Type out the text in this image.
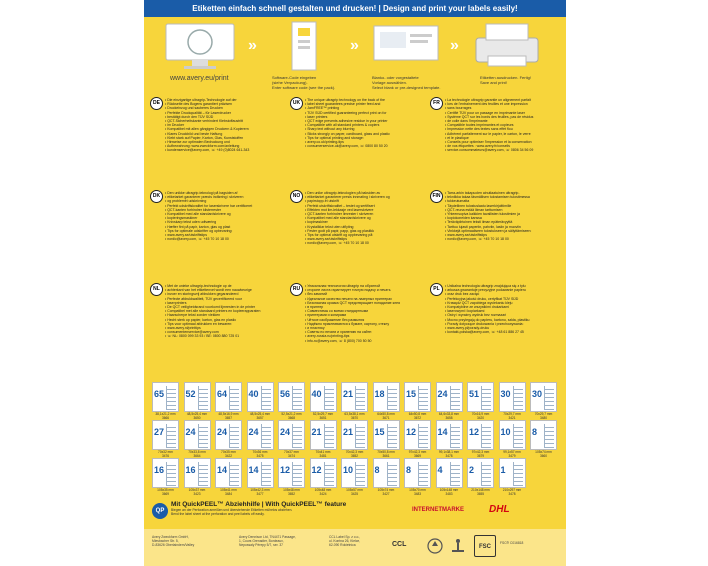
Etiketten einfach schnell gestalten und drucken! | Design and print your labels easily!
www.avery.eu/print
»
Software-Code eingeben
(siehe Verpackung).
Enter software code (see the pack).
»
Blanko- oder vorgestaltete
Vorlage auswählen.
Select blank or pre-designed template.
»
Etiketten ausdrucken. Fertig!
Save and print!
DE	• Die einzigartige ultragrip-Technologie auf der
• Rückseite des Bogens garantiert präzisen
• Druckeinzug und sauberes Drucken
• Perfekte Druckqualität – für Laserdrucker
• bestätigt durch den TÜV SÜD
• QCT-Sicherheitskante verhindert Klebstoffaustritt
• im Drucker
• Kompatibel mit allen gängigen Druckern & Kopierern
• Klares Druckbild und beste Haftung
• Klebt stark auf Papier, Karton, Glas, Kunststoffen
• Hinweise zur optimalen Bedruckung und
• Aufbewahrung: www.zweckform.com/anleitung
• kundenservice@avery.com, ☏ +49 (0)8024 641-343
UK	• The unique ultragrip technology on the back of the
• label sheet guarantees precise printer feed and
• JamFREE™ printing
• TÜV SÜD certified guaranteeing perfect print on for
• laser printers
• QCT edge prevents adhesive residue in your printer
• Compatible with all standard printers & copiers
• Sharp text without any blurring
• Sticks strongly on paper, cardboard, glass and plastic
• Tips for optimal printing and storage:
• avery.co.uk/printing-tips
• consumerservice-uk@avery.com, ☏ 0800 80 50 20
FR	• La technologie ultragrip garantie un alignement parfait
• lors de l'entrainement des feuilles et une impression
• sans bourrages
• Certifié TÜV pour un passage en imprimante laser
• Système QCT sur les bords des feuilles, pas de résidus
• de colle dans l'imprimante
• Compatible toutes imprimantes et copieurs
• Impression nette des textes sans effet flou
• Adhèrent parfaitement sur le papier, le carton, le verre
• et le plastique
• Conseils pour optimiser l'impression et la conservation
• de vos étiquettes : www.avery.fr/conseils
• service.consommateurs@avery.com, ☏ 0806 34 56 09
DK	• Den unikke ultragrip-teknologi på bagsiden af
• etiketarket garanterer præcis indføring i skriveren
• og problemfri udskrivning
• Perfekt udskriftskvalitet for laserskrivere har certificeret
• QCT-kanten forhindrer klisterrester
• Kompatibel med alle standardskrivere og
• kopieringsmaskiner
• Knivskarp tekst uden udtværing
• Hæfter fint på papir, karton, glas og plast
• Tips for optimale udskrifter og opbevaring:
• www.avery.se/utskriftstips
• nordic@avery.com, ☏ +45 70 10 18 00
NO	• Den unike ultragrip-teknologien på baksiden av
• etikettarket garanterer presis innmating i skriveren og
• papirstopp-fri utskrift
• Perfekt utskriftskvalitet – testet og sertifisert
• Effekten mot lim-lekkasje ved laserskrivere
• QCT-kanten forhindrer limrester i skriveren
• Kompatibel med alle standardskrivere og
• kopimaskiner
• Krystallklar tekst uten utflyting
• Fester godt på papir, papp, glas og plastikk
• Tips for optimal utskrift og oppbevaring på:
• www.avery.se/utskriftstips
• nordic@avery.com, ☏ +45 70 10 18 00
FIN	• Tarra-arkin takapuolen ainutlaatuinen ultragrip-
• tekniikka takaa täsmällisen tulostamisen tulostimessa
• tukkeutumatta
• Täydellinen tulostuslaatu laserkirjoittimille
• QCT-reuna estää liiman tarttumisen
• Yhteensopiva kaikkien tavallisten tulostimien ja
• kopiokoneiden kanssa
• Teräväpiirtoinen teksti ilman epäterävyyttä
• Tarttuu lujasti paperiin, pahviin, lasiin ja muoviin
• Vinkkejä optimaaliseen tulostukseen ja säilyttämiseen:
• www.avery.se/utskriftstips
• nordic@avery.com, ☏ +45 70 10 18 00
NL	• Met de unieke ultragrip-technologie op de
• achterkant van het etikettenvel wordt een nauwkeurige
• invoer en storingsvrij afdrukken gegarandeerd
• Perfecte afdrukkwaliteit, TÜV gecertificeerd voor
• laserprinters
• De QCT veiligheidsrand voorkomt lijmresten in de printer
• Compatibel met alle standaard printers en kopieerapparaten
• Haarscherpe tekst zonder vlekken
• Hecht sterk op papier, karton, glas en plastic
• Tips voor optimaal afdrukken en bewaren:
• www.avery.nl/printtips
• consumentenservice@avery.com
• ☏ NL: 0800 099 33 93 / BE: 0800 880 725 01
RU	• Уникальная технология ultragrip на обратной
• стороне листа гарантирует точную подачу и печать
• без замятий
• Идеальное качество печати на лазерных принтерах
• Безопасная кромка QCT предотвращает попадание клея
• в принтер
• Совместимы со всеми стандартными
• принтерами и копирами
• Чёткое изображение без размытия
• Надёжно приклеиваются к бумаге, картону, стеклу
• и пластику
• Советы по печати и хранению на сайте:
• avery-russia.ru/printing-tips
• info-ru@avery.com, ☏ 8 (800) 700 50 50
PL	• Unikalna technologia ultragrip znajdująca się z tyłu
• arkusza gwarantuje precyzyjne podawanie papieru
• oraz druk bez zacięć
• Perfekcyjna jakość druku, certyfikat TÜV SÜD
• Krawędź QCT zapobiega wyciekaniu kleju
• Kompatybilne ze wszystkimi drukarkami
• laserowymi i kopiarkami
• Ostry i wyraźny wydruk bez rozmazań
• Mocno przylegają do papieru, kartonu, szkła, plastiku
• Porady dotyczące drukowania i przechowywania:
• www.avery.pl/porady-druku
• kontakt-polska@avery.com, ☏ +48 61 886 27 45
65
38,1x21,2 mm
3666
52
48,5x25,4 mm
3650
64
48,5x16,9 mm
3657
40
48,5x25,4 mm
3657
56
52,5x21,2 mm
3668
40
52,5x29,7 mm
3651
21
63,5x38,1 mm
3670
18
64x50,8 mm
3671
15
64x50,8 mm
3672
24
64,6x33,8 mm
3658
51
70x16,9 mm
3420
30
70x29,7 mm
3421
30
70x29,7 mm
3480
27
70x32 mm
3476
24
70x33,8 mm
3664
24
70x35 mm
3422
24
70x36 mm
3475
24
70x37 mm
3474
21
70x41 mm
3481
21
70x42,3 mm
3652
15
70x50,8 mm
3661
12
97x42,3 mm
3669
14
99,1x38,1 mm
3478
12
97x42,3 mm
3679
10
99,1x57 mm
3479
8
105x74 mm
3660
16
105x35 mm
3669
16
105x37 mm
3423
14
105x41 mm
3484
14
105x42,3 mm
3477
12
105x48 mm
3652
12
105x48 mm
3424
10
105x57 mm
3425
8
105x74 mm
3427
8
105x70 mm
3483
4
105x148 mm
3483
2
210x148 mm
3655
1
210x297 mm
3478
QP
Mit QuickPEEL™ Abziehhilfe | With QuickPEEL™ feature
Biegen an der Perforation anreißen und überstehende Etiketten mühelos abziehen.
Bend the label sheet at the perforation and peel labels off easily.
INTERNETMARKE	DHL
Avery Zweckform GmbH,
Miesbacher Str. 5,
D-83626 Oberlaindern/Valley
Avery Dennison Ltd, TN4471 Passage,
1, Cours Grenadier, Bordeaux,
Nepossaly Pérepy 5/7, ser. 37
CCL Label Sp. z o.o.,
ul. Kontna 26, Kielce,
62-090 Rokietnica	CCL	FSC
FSC® C016818
